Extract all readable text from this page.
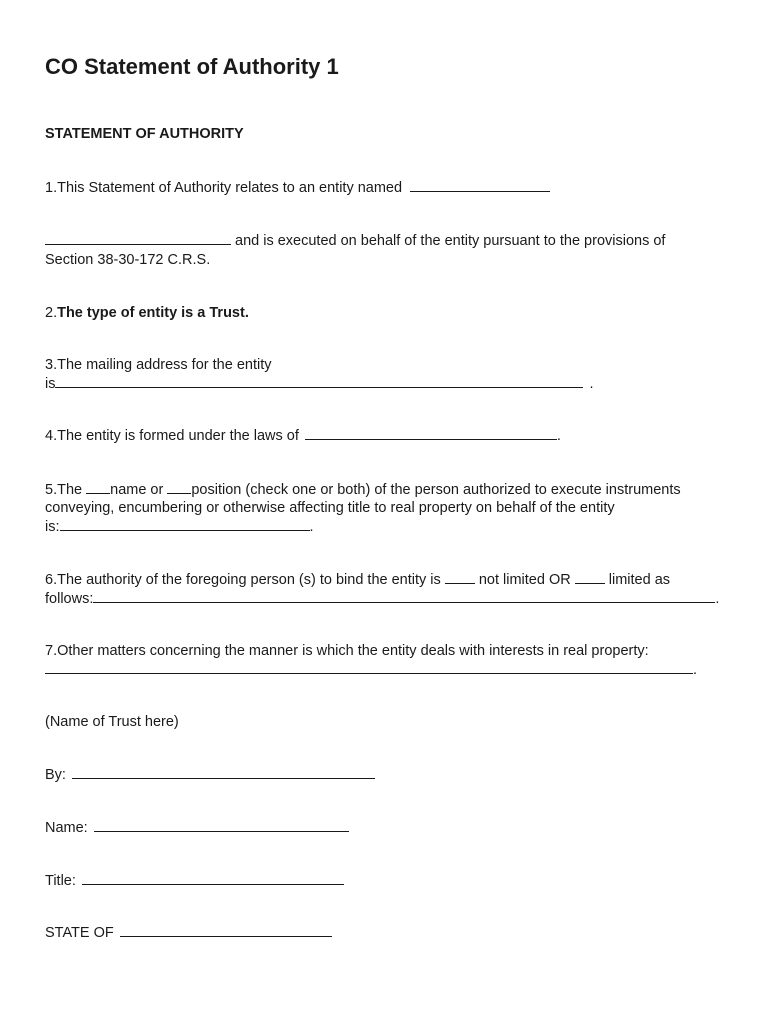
CO Statement of Authority 1
STATEMENT OF AUTHORITY
1.This Statement of Authority relates to an entity named
and is executed on behalf of the entity pursuant to the provisions of
Section 38-30-172 C.R.S.
2.The type of entity is a Trust.
3.The mailing address for the entity
is	.
4.The entity is formed under the laws of	.
5.The name or position (check one or both) of the person authorized to execute instruments
conveying, encumbering or otherwise affecting title to real property on behalf of the entity
is:	.
6.The authority of the foregoing person (s) to bind the entity is	not limited OR	limited as
follows:	.
7.Other matters concerning the manner is which the entity deals with interests in real property:
.
(Name of Trust here)
By:
Name:
Title:
STATE OF
